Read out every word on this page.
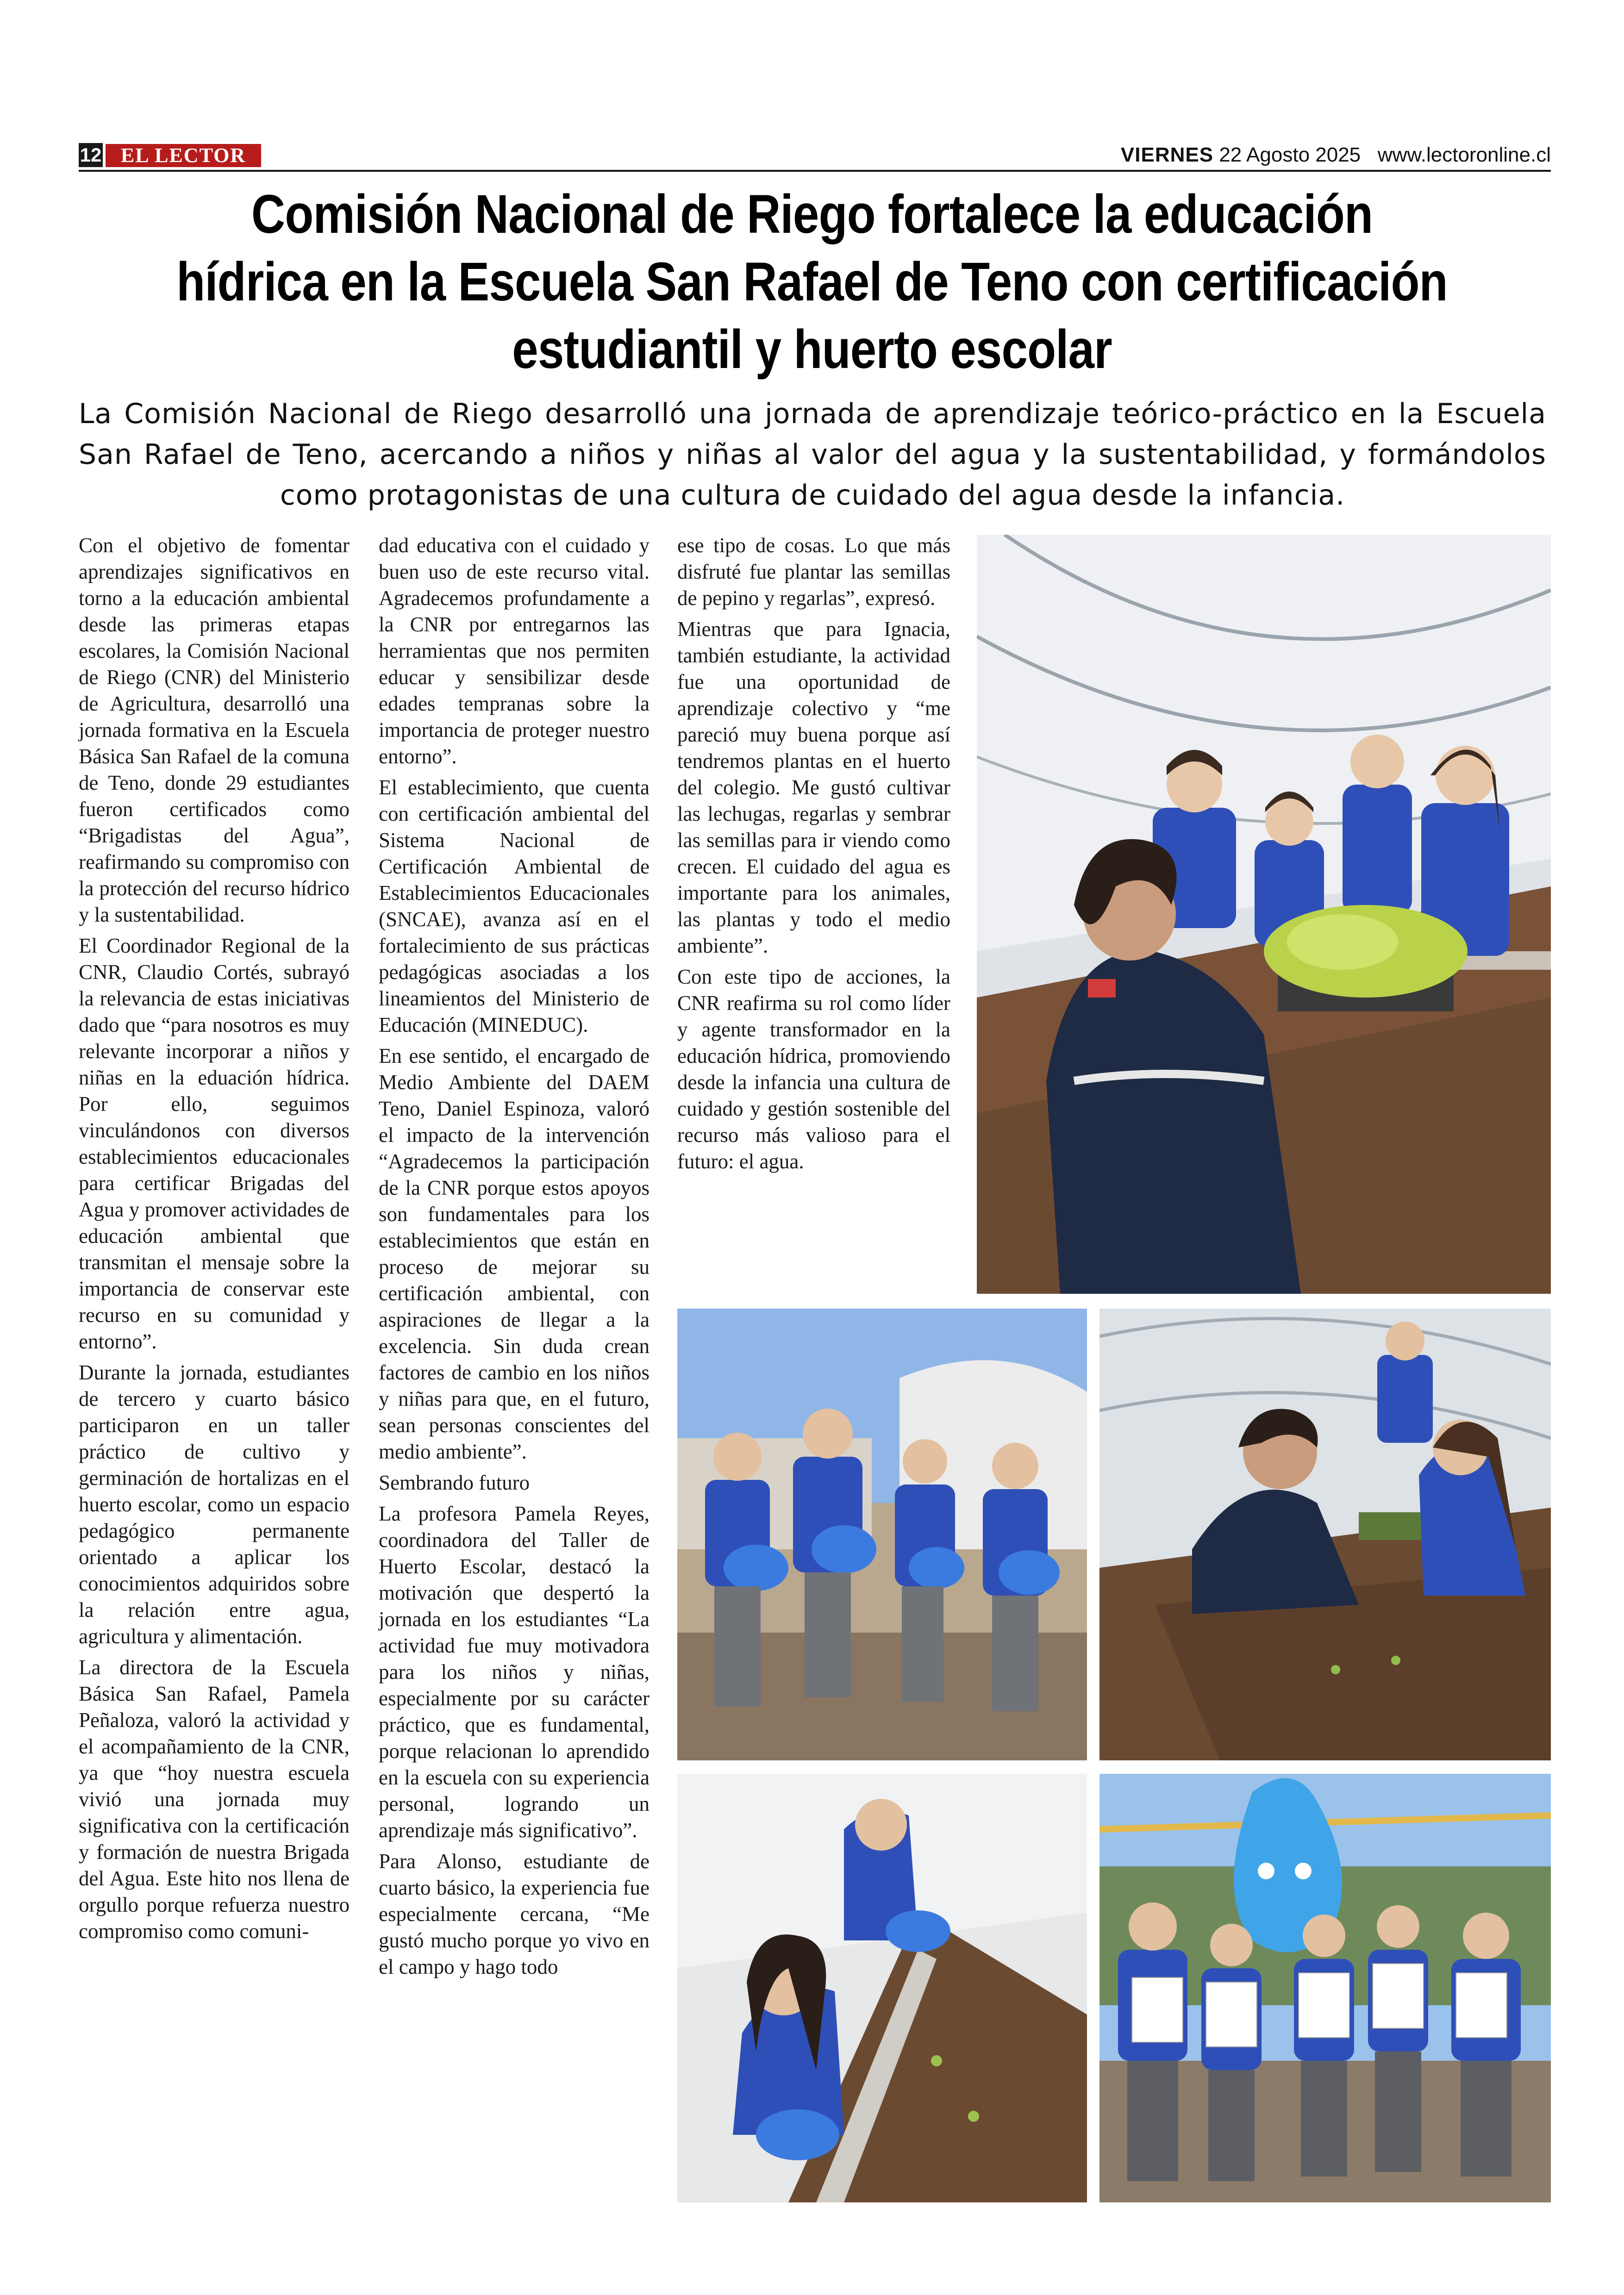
12 EL LECTOR	VIERNES 22 Agosto 2025 www.lectoronline.cl
Comisión Nacional de Riego fortalece la educación hídrica en la Escuela San Rafael de Teno con certificación estudiantil y huerto escolar
La Comisión Nacional de Riego desarrolló una jornada de aprendizaje teórico-práctico en la Escuela San Rafael de Teno, acercando a niños y niñas al valor del agua y la sustentabilidad, y formándolos como protagonistas de una cultura de cuidado del agua desde la infancia.

Con el objetivo de fomentar aprendizajes significativos en torno a la educación ambiental desde las primeras etapas escolares, la Comisión Nacional de Riego (CNR) del Ministerio de Agricultura, desarrolló una jornada formativa en la Escuela Básica San Rafael de la comuna de Teno, donde 29 estudiantes fueron certificados como “Brigadistas del Agua”, reafirmando su compromiso con la protección del recurso hídrico y la sustentabilidad.

El Coordinador Regional de la CNR, Claudio Cortés, subrayó la relevancia de estas iniciativas dado que “para nosotros es muy relevante incorporar a niños y niñas en la eduación hídrica. Por ello, seguimos vinculándonos con diversos establecimientos educacionales para certificar Brigadas del Agua y promover actividades de educación ambiental que transmitan el mensaje sobre la importancia de conservar este recurso en su comunidad y entorno”.

Durante la jornada, estudiantes de tercero y cuarto básico participaron en un taller práctico de cultivo y germinación de hortalizas en el huerto escolar, como un espacio pedagógico permanente orientado a aplicar los conocimientos adquiridos sobre la relación entre agua, agricultura y alimentación.

La directora de la Escuela Básica San Rafael, Pamela Peñaloza, valoró la actividad y el acompañamiento de la CNR, ya que “hoy nuestra escuela vivió una jornada muy significativa con la certificación y formación de nuestra Brigada del Agua. Este hito nos llena de orgullo porque refuerza nuestro compromiso como comuni-

dad educativa con el cuidado y buen uso de este recurso vital. Agradecemos profundamente a la CNR por entregarnos las herramientas que nos permiten educar y sensibilizar desde edades tempranas sobre la importancia de proteger nuestro entorno”.

El establecimiento, que cuenta con certificación ambiental del Sistema Nacional de Certificación Ambiental de Establecimientos Educacionales (SNCAE), avanza así en el fortalecimiento de sus prácticas pedagógicas asociadas a los lineamientos del Ministerio de Educación (MINEDUC).

En ese sentido, el encargado de Medio Ambiente del DAEM Teno, Daniel Espinoza, valoró el impacto de la intervención “Agradecemos la participación de la CNR porque estos apoyos son fundamentales para los establecimientos que están en proceso de mejorar su certificación ambiental, con aspiraciones de llegar a la excelencia. Sin duda crean factores de cambio en los niños y niñas para que, en el futuro, sean personas conscientes del medio ambiente”.

Sembrando futuro

La profesora Pamela Reyes, coordinadora del Taller de Huerto Escolar, destacó la motivación que despertó la jornada en los estudiantes “La actividad fue muy motivadora para los niños y niñas, especialmente por su carácter práctico, que es fundamental, porque relacionan lo aprendido en la escuela con su experiencia personal, logrando un aprendizaje más significativo”.

Para Alonso, estudiante de cuarto básico, la experiencia fue especialmente cercana, “Me gustó mucho porque yo vivo en el campo y hago todo

ese tipo de cosas. Lo que más disfruté fue plantar las semillas de pepino y regarlas”, expresó.

Mientras que para Ignacia, también estudiante, la actividad fue una oportunidad de aprendizaje colectivo y “me pareció muy buena porque así tendremos plantas en el huerto del colegio. Me gustó cultivar las lechugas, regarlas y sembrar las semillas para ir viendo como crecen. El cuidado del agua es importante para los animales, las plantas y todo el medio ambiente”.

Con este tipo de acciones, la CNR reafirma su rol como líder y agente transformador en la educación hídrica, promoviendo desde la infancia una cultura de cuidado y gestión sostenible del recurso más valioso para el futuro: el agua.
